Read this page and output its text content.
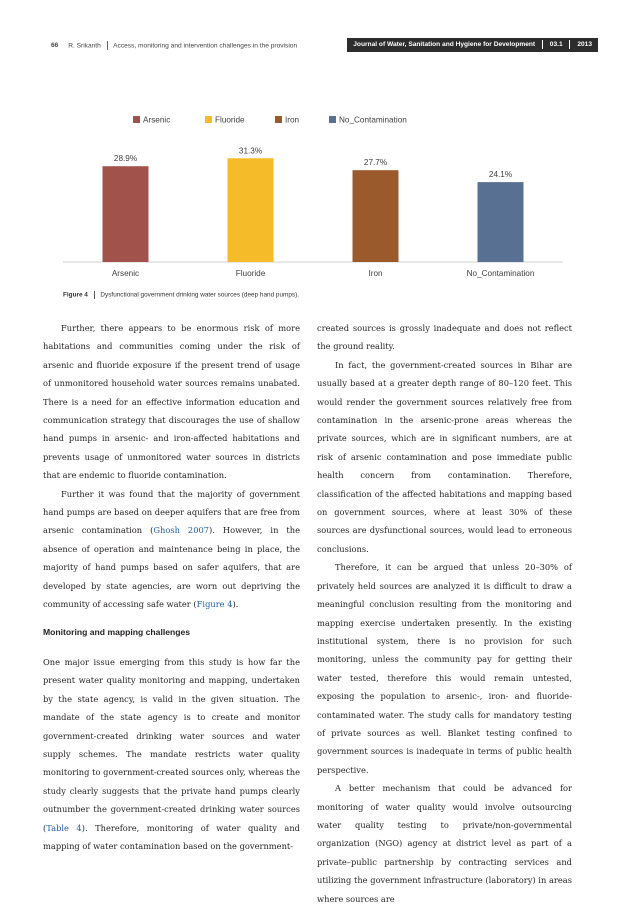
66 R. Srikanth Access, monitoring and intervention challenges in the provision	Journal of Water, Sanitation and Hygiene for Development 03.1 2013
Arsenic	Fluoride	Iron	No_Contamination
28.9%
Arsenic
31.3%
Fluoride
27.7%
Iron
24.1%
No_Contamination
Figure 4 Dysfunctional government drinking water sources (deep hand pumps).

Further, there appears to be enormous risk of more habitations and communities coming under the risk of arsenic and fluoride exposure if the present trend of usage of unmonitored household water sources remains unabated. There is a need for an effective information education and communication strategy that discourages the use of shallow hand pumps in arsenic- and iron-affected habitations and prevents usage of unmonitored water sources in districts that are endemic to fluoride contamination.

Further it was found that the majority of government hand pumps are based on deeper aquifers that are free from arsenic contamination (Ghosh 2007). However, in the absence of operation and maintenance being in place, the majority of hand pumps based on safer aquifers, that are developed by state agencies, are worn out depriving the community of accessing safe water (Figure 4).

Monitoring and mapping challenges

One major issue emerging from this study is how far the present water quality monitoring and mapping, undertaken by the state agency, is valid in the given situation. The mandate of the state agency is to create and monitor government-created drinking water sources and water supply schemes. The mandate restricts water quality monitoring to government-created sources only, whereas the study clearly suggests that the private hand pumps clearly outnumber the government-created drinking water sources (Table 4). Therefore, monitoring of water quality and mapping of water contamination based on the government-

created sources is grossly inadequate and does not reflect the ground reality.

In fact, the government-created sources in Bihar are usually based at a greater depth range of 80–120 feet. This would render the government sources relatively free from contamination in the arsenic-prone areas whereas the private sources, which are in significant numbers, are at risk of arsenic contamination and pose immediate public health concern from contamination. Therefore, classification of the affected habitations and mapping based on government sources, where at least 30% of these sources are dysfunctional sources, would lead to erroneous conclusions.

Therefore, it can be argued that unless 20–30% of privately held sources are analyzed it is difficult to draw a meaningful conclusion resulting from the monitoring and mapping exercise undertaken presently. In the existing institutional system, there is no provision for such monitoring, unless the community pay for getting their water tested, therefore this would remain untested, exposing the population to arsenic-, iron- and fluoride-contaminated water. The study calls for mandatory testing of private sources as well. Blanket testing confined to government sources is inadequate in terms of public health perspective.

A better mechanism that could be advanced for monitoring of water quality would involve outsourcing water quality testing to private/non-governmental organization (NGO) agency at district level as part of a private–public partnership by contracting services and utilizing the government infrastructure (laboratory) in areas where sources are
